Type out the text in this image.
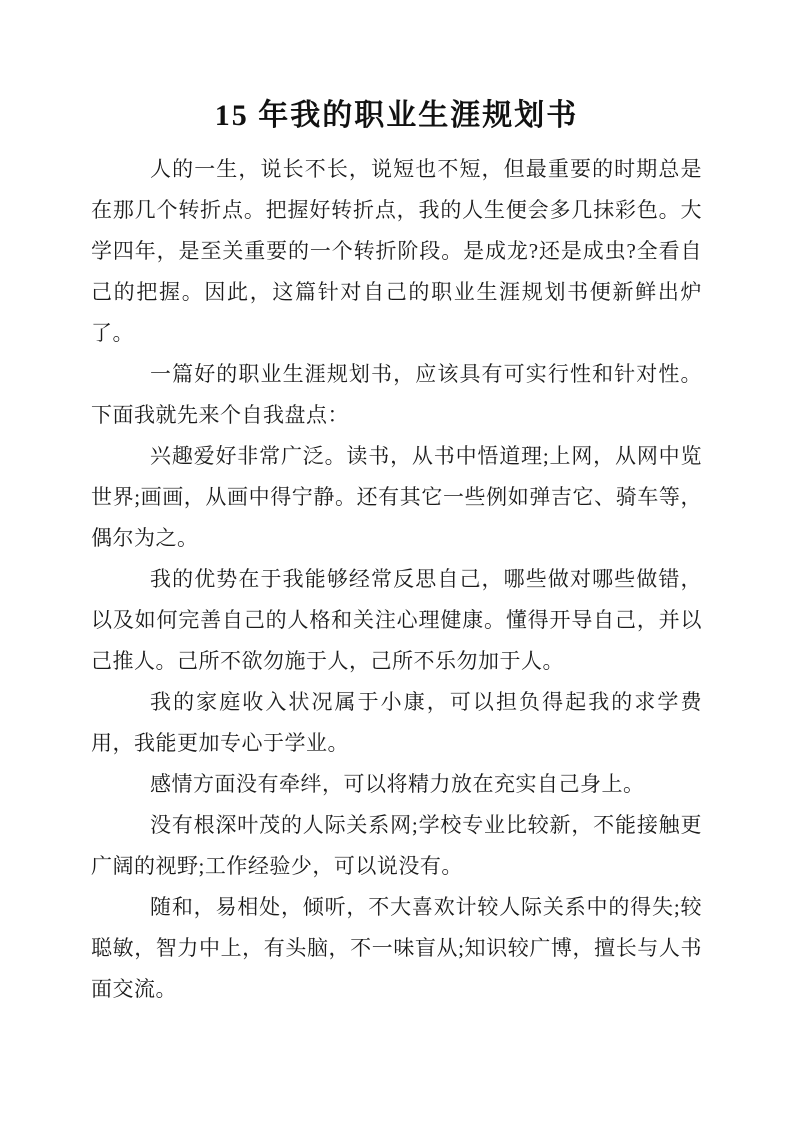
15 年我的职业生涯规划书

人的一生，说长不长，说短也不短，但最重要的时期总是在那几个转折点。把握好转折点，我的人生便会多几抹彩色。大学四年，是至关重要的一个转折阶段。是成龙?还是成虫?全看自己的把握。因此，这篇针对自己的职业生涯规划书便新鲜出炉了。

一篇好的职业生涯规划书，应该具有可实行性和针对性。下面我就先来个自我盘点：

兴趣爱好非常广泛。读书，从书中悟道理;上网，从网中览世界;画画，从画中得宁静。还有其它一些例如弹吉它、骑车等，偶尔为之。

我的优势在于我能够经常反思自己，哪些做对哪些做错，以及如何完善自己的人格和关注心理健康。懂得开导自己，并以己推人。己所不欲勿施于人，己所不乐勿加于人。

我的家庭收入状况属于小康，可以担负得起我的求学费用，我能更加专心于学业。

感情方面没有牵绊，可以将精力放在充实自己身上。

没有根深叶茂的人际关系网;学校专业比较新，不能接触更广阔的视野;工作经验少，可以说没有。

随和，易相处，倾听，不大喜欢计较人际关系中的得失;较聪敏，智力中上，有头脑，不一味盲从;知识较广博，擅长与人书面交流。
